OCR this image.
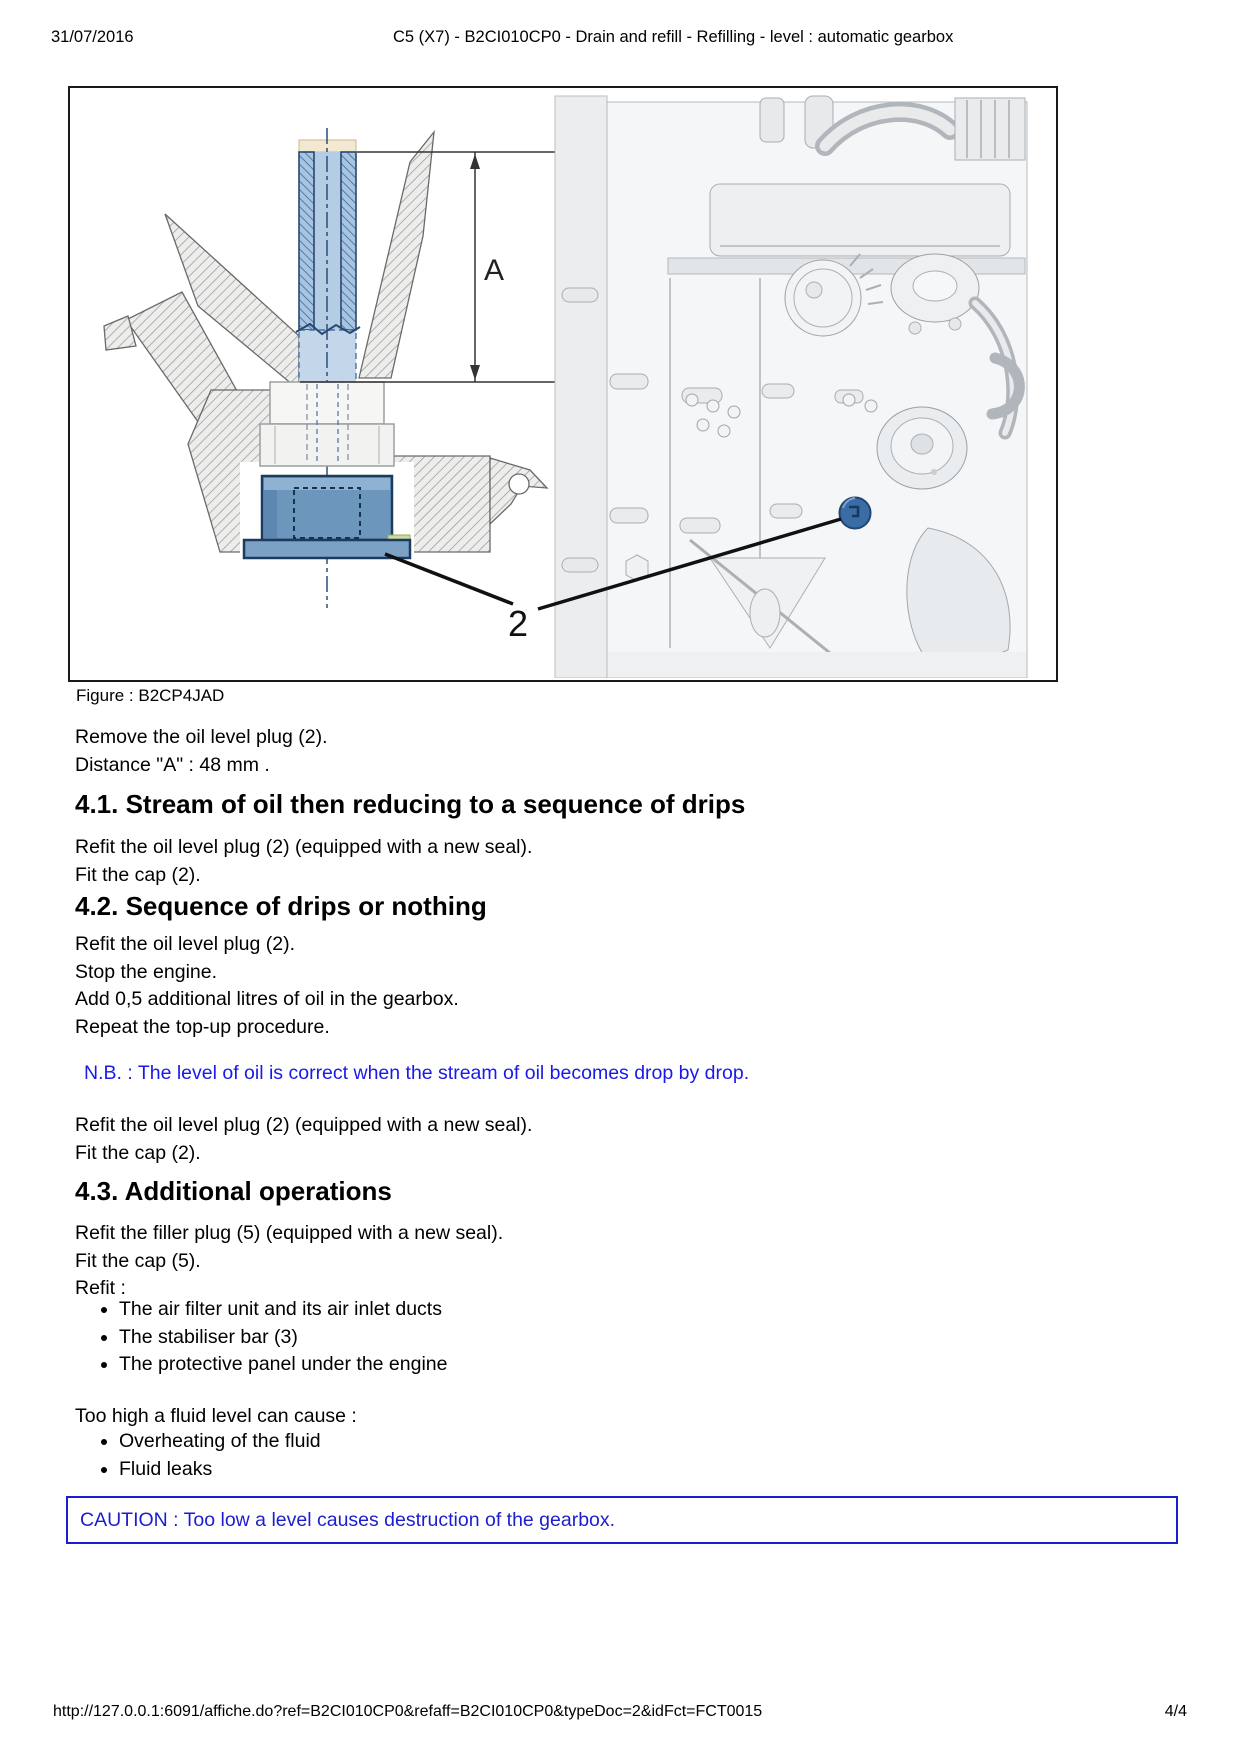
31/07/2016	C5 (X7) - B2CI010CP0 - Drain and refill - Refilling - level : automatic gearbox
A
2
Figure : B2CP4JAD
Remove the oil level plug (2).
Distance "A" : 48 mm .
4.1. Stream of oil then reducing to a sequence of drips
Refit the oil level plug (2) (equipped with a new seal).
Fit the cap (2).
4.2. Sequence of drips or nothing
Refit the oil level plug (2).
Stop the engine.
Add 0,5 additional litres of oil in the gearbox.
Repeat the top-up procedure.
N.B. : The level of oil is correct when the stream of oil becomes drop by drop.
Refit the oil level plug (2) (equipped with a new seal).
Fit the cap (2).
4.3. Additional operations
Refit the filler plug (5) (equipped with a new seal).
Fit the cap (5).
Refit :
• The air filter unit and its air inlet ducts
• The stabiliser bar (3)
• The protective panel under the engine
Too high a fluid level can cause :
• Overheating of the fluid
• Fluid leaks
CAUTION : Too low a level causes destruction of the gearbox.
http://127.0.0.1:6091/affiche.do?ref=B2CI010CP0&refaff=B2CI010CP0&typeDoc=2&idFct=FCT0015	4/4
